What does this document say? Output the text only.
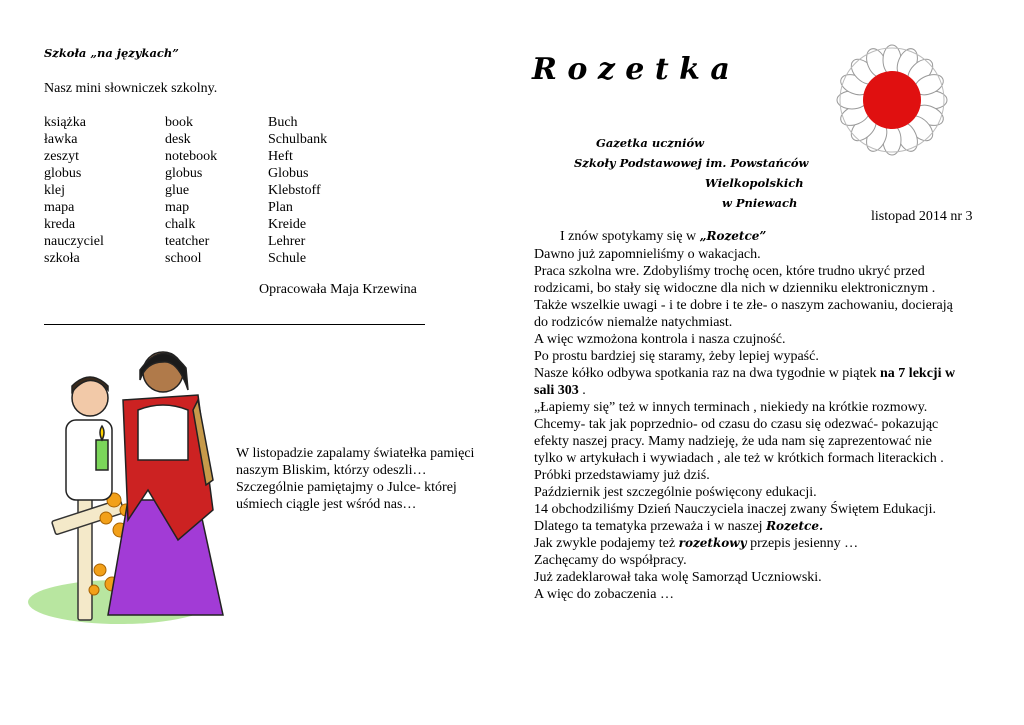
Szkoła „na językach”
Nasz mini słowniczek szkolny.
książka	book	Buch
ławka	desk	Schulbank
zeszyt	notebook	Heft
globus	globus	Globus
klej	glue	Klebstoff
mapa	map	Plan
kreda	chalk	Kreide
nauczyciel	teatcher	Lehrer
szkoła	school	Schule
Opracowała Maja Krzewina
W listopadzie zapalamy światełka pamięci
naszym Bliskim, którzy odeszli…
Szczególnie pamiętajmy o Julce- której
uśmiech ciągle jest wśród nas…
R o z e t k a
Gazetka uczniów
Szkoły Podstawowej im. Powstańców
Wielkopolskich
w Pniewach
listopad 2014 nr 3
I znów spotykamy się w „Rozetce”
Dawno już zapomnieliśmy o wakacjach.
Praca szkolna wre. Zdobyliśmy trochę ocen, które trudno ukryć przed
rodzicami, bo stały się widoczne dla nich w dzienniku elektronicznym .
Także wszelkie uwagi - i te dobre i te złe- o naszym zachowaniu, docierają
do rodziców niemalże natychmiast.
A więc wzmożona kontrola i nasza czujność.
Po prostu bardziej się staramy, żeby lepiej wypaść.
Nasze kółko odbywa spotkania raz na dwa tygodnie w piątek na 7 lekcji w
sali 303 .
„Łapiemy się” też w innych terminach , niekiedy na krótkie rozmowy.
Chcemy- tak jak poprzednio- od czasu do czasu się odezwać- pokazując
efekty naszej pracy. Mamy nadzieję, że uda nam się zaprezentować nie
tylko w artykułach i wywiadach , ale też w krótkich formach literackich .
Próbki przedstawiamy już dziś.
Październik jest szczególnie poświęcony edukacji.
14 obchodziliśmy Dzień Nauczyciela inaczej zwany Świętem Edukacji.
Dlatego ta tematyka przeważa i w naszej Rozetce.
Jak zwykle podajemy też rozetkowy przepis jesienny …
Zachęcamy do współpracy.
Już zadeklarował taka wolę Samorząd Uczniowski.
A więc do zobaczenia …
